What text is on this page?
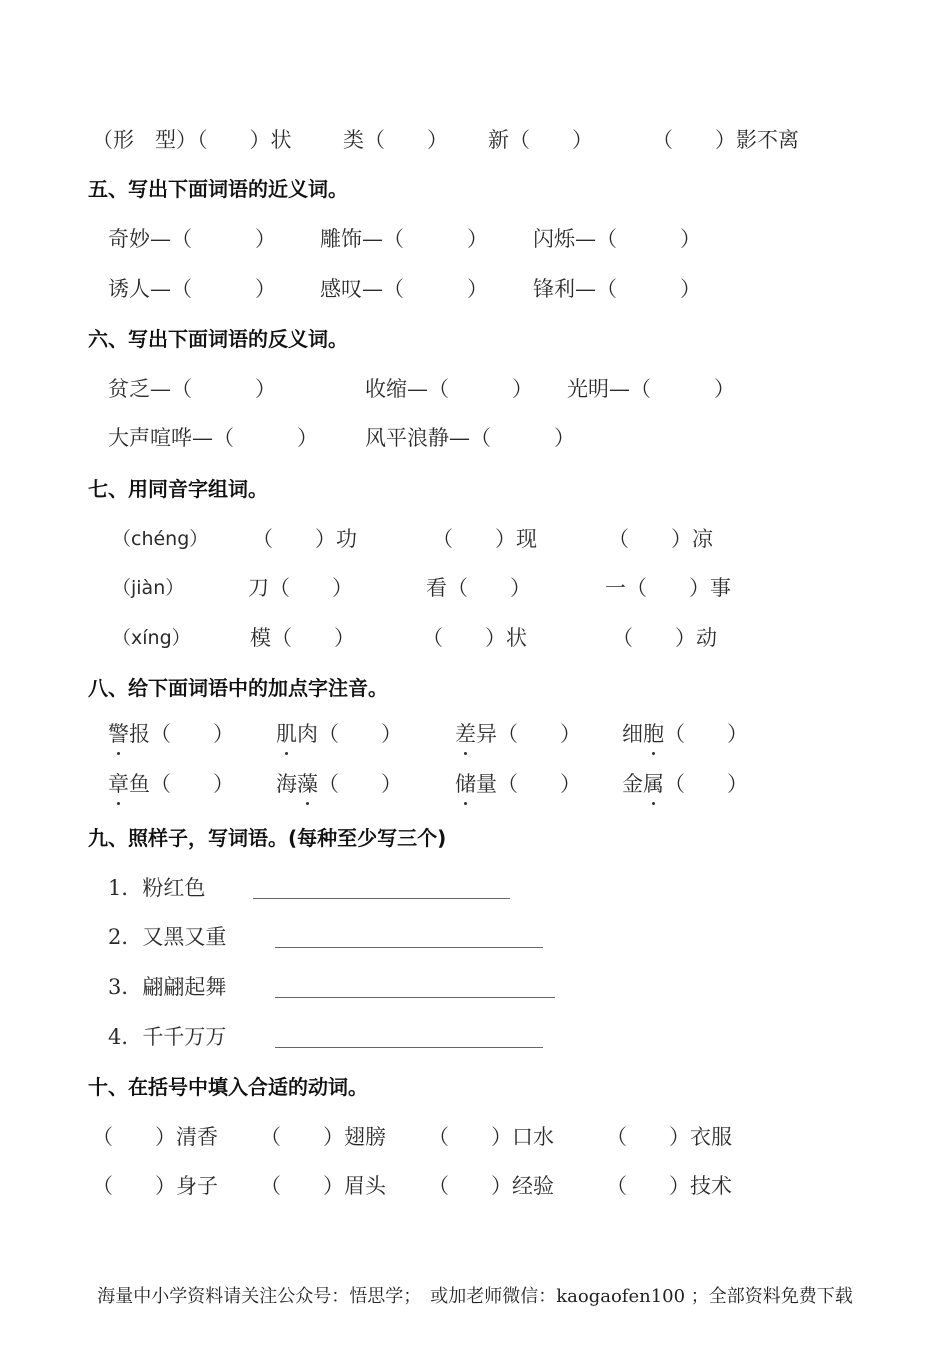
（形　型）（　　）状 类（　　） 新（　　）	（　　）影不离
五、写出下面词语的近义词。
奇妙—（　　　） 雕饰—（　　　） 闪烁—（　　　）
诱人—（　　　） 感叹—（　　　） 锋利—（　　　）
六、写出下面词语的反义词。
贫乏—（　　　）	收缩—（　　　） 光明—（　　　）
大声喧哗—（　　　） 风平浪静—（　　　）
七、用同音字组词。
（chéng） （　　）功	（　　）现	（　　）凉
（jiàn）	刀（　　）	看（　　）	一（　　）事
（xíng）	模（　　）	（　　）状	（　　）动
八、给下面词语中的加点字注音。
警报（　　） 肌肉（　　）	差异（　　） 细胞（　　）
章鱼（　　） 海藻（　　）	储量（　　） 金属（　　）
九、照样子，写词语。(每种至少写三个)
1．粉红色
2．又黑又重
3．翩翩起舞
4．千千万万
十、在括号中填入合适的动词。
（　　）清香 （　　）翅膀 （　　）口水 （　　）衣服
（　　）身子 （　　）眉头 （　　）经验 （　　）技术
海量中小学资料请关注公众号：悟思学；　或加老师微信：kaogaofen100 ；全部资料免费下载
